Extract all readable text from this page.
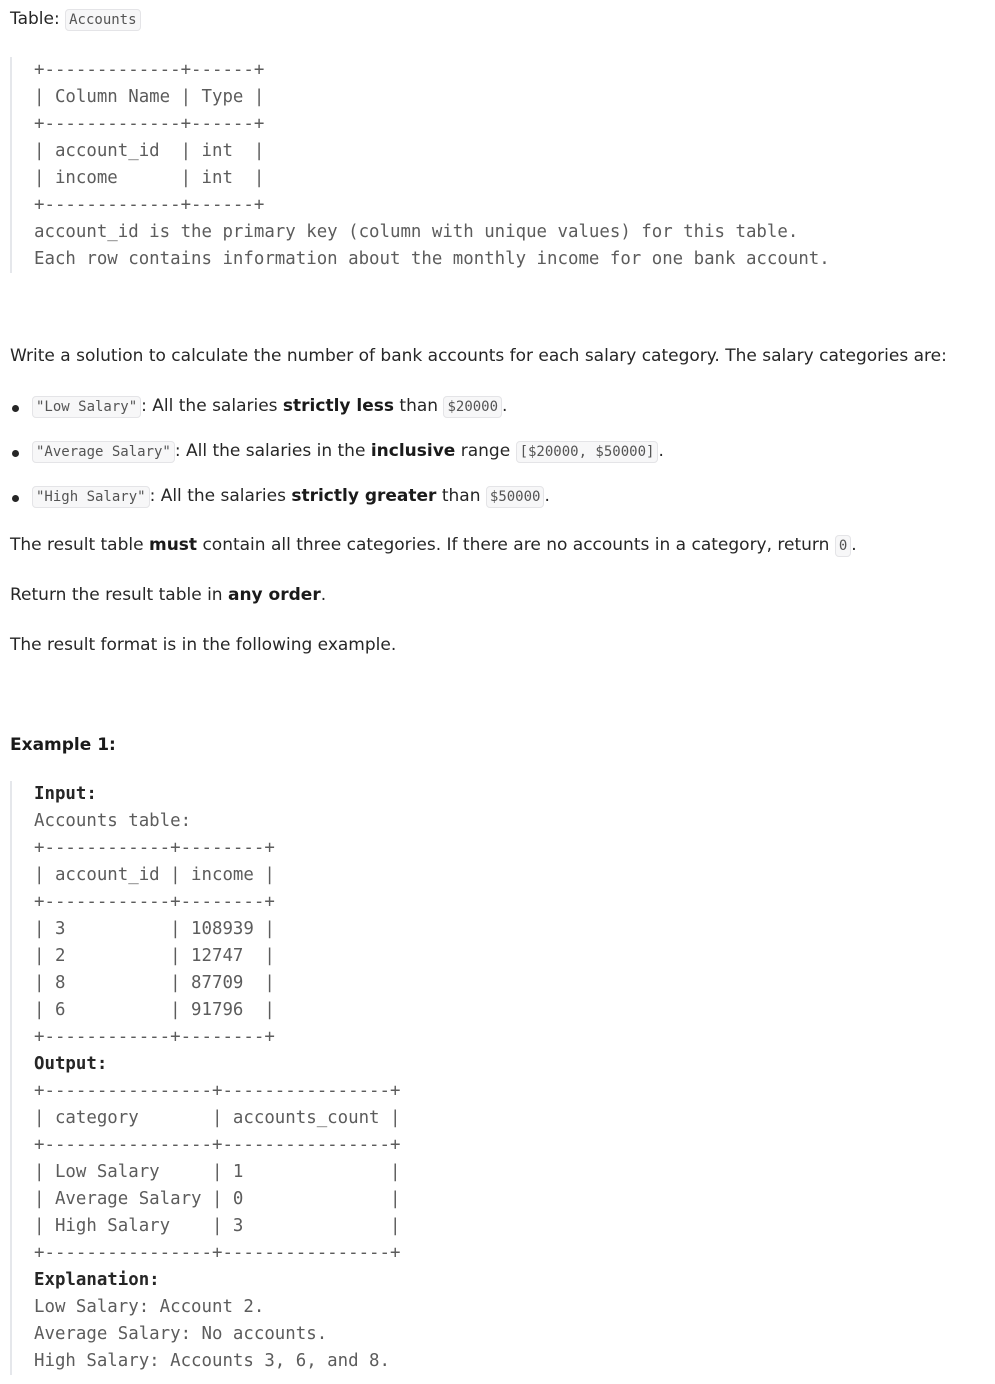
Table: Accounts
+-------------+------+
| Column Name | Type |
+-------------+------+
| account_id  | int  |
| income      | int  |
+-------------+------+
account_id is the primary key (column with unique values) for this table.
Each row contains information about the monthly income for one bank account.
Write a solution to calculate the number of bank accounts for each salary category. The salary categories are:
"Low Salary" : All the salaries strictly less than $20000 .
"Average Salary" : All the salaries in the inclusive range [$20000, $50000] .
"High Salary" : All the salaries strictly greater than $50000 .
The result table must contain all three categories. If there are no accounts in a category, return 0 .
Return the result table in any order.
The result format is in the following example.
Example 1:
Input:
Accounts table:
+------------+--------+
| account_id | income |
+------------+--------+
| 3          | 108939 |
| 2          | 12747  |
| 8          | 87709  |
| 6          | 91796  |
+------------+--------+
Output:
+----------------+----------------+
| category       | accounts_count |
+----------------+----------------+
| Low Salary     | 1              |
| Average Salary | 0              |
| High Salary    | 3              |
+----------------+----------------+
Explanation:
Low Salary: Account 2.
Average Salary: No accounts.
High Salary: Accounts 3, 6, and 8.
